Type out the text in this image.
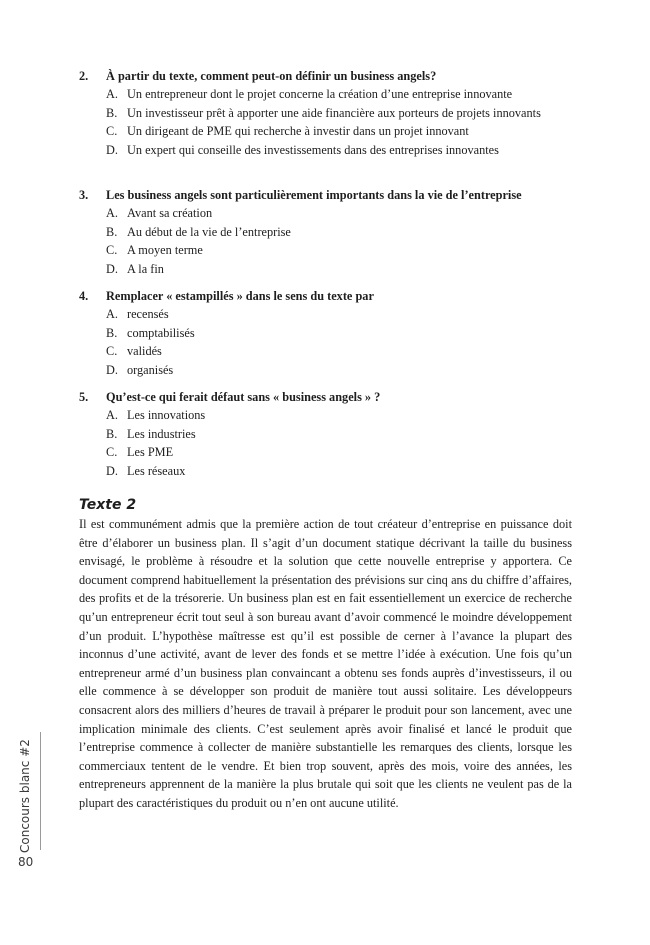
2.	À partir du texte, comment peut-on définir un business angels?
A. Un entrepreneur dont le projet concerne la création d’une entreprise innovante
B. Un investisseur prêt à apporter une aide financière aux porteurs de projets innovants
C. Un dirigeant de PME qui recherche à investir dans un projet innovant
D. Un expert qui conseille des investissements dans des entreprises innovantes
3.	Les business angels sont particulièrement importants dans la vie de l’entreprise
A. Avant sa création
B. Au début de la vie de l’entreprise
C. A moyen terme
D. A la fin
4.	Remplacer « estampillés » dans le sens du texte par
A. recensés
B. comptabilisés
C. validés
D. organisés
5.	Qu’est-ce qui ferait défaut sans « business angels » ?
A. Les innovations
B. Les industries
C. Les PME
D. Les réseaux
Texte 2

Il est communément admis que la première action de tout créateur d’entreprise en puissance doit être d’élaborer un business plan. Il s’agit d’un document statique décrivant la taille du business envisagé, le problème à résoudre et la solution que cette nouvelle entreprise y apportera. Ce document comprend habituellement la présentation des prévisions sur cinq ans du chiffre d’affaires, des profits et de la trésorerie. Un business plan est en fait essentiellement un exercice de recherche qu’un entrepreneur écrit tout seul à son bureau avant d’avoir commencé le moindre développement d’un produit. L’hypothèse maîtresse est qu’il est possible de cerner à l’avance la plupart des inconnus d’une activité, avant de lever des fonds et se mettre l’idée à exécution. Une fois qu’un entrepreneur armé d’un business plan convaincant a obtenu ses fonds auprès d’investisseurs, il ou elle commence à se développer son produit de manière tout aussi solitaire. Les développeurs consacrent alors des milliers d’heures de travail à préparer le produit pour son lancement, avec une implication minimale des clients. C’est seulement après avoir finalisé et lancé le produit que l’entreprise commence à collecter de manière substantielle les remarques des clients, lorsque les commerciaux tentent de le vendre. Et bien trop souvent, après des mois, voire des années, les entrepreneurs apprennent de la manière la plus brutale qui soit que les clients ne veulent pas de la plupart des caractéristiques du produit ou n’en ont aucune utilité.

Concours blanc #2
80
